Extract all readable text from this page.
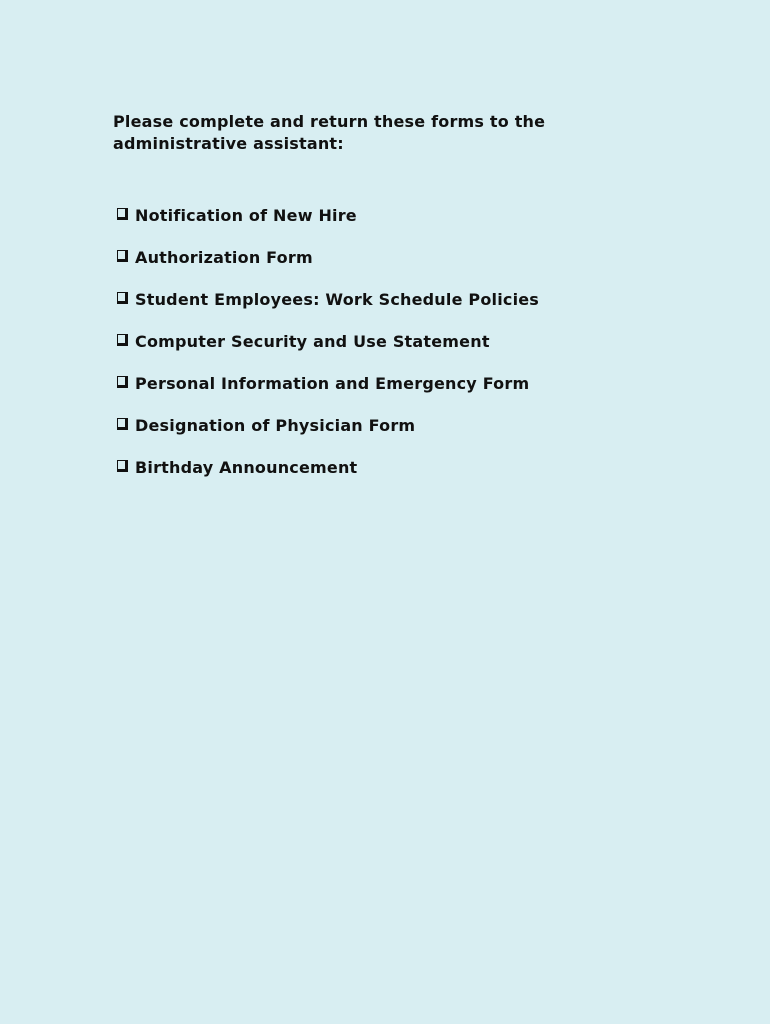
Please complete and return these forms to the administrative assistant:

Notification of New Hire
Authorization Form
Student Employees: Work Schedule Policies
Computer Security and Use Statement
Personal Information and Emergency Form
Designation of Physician Form
Birthday Announcement
